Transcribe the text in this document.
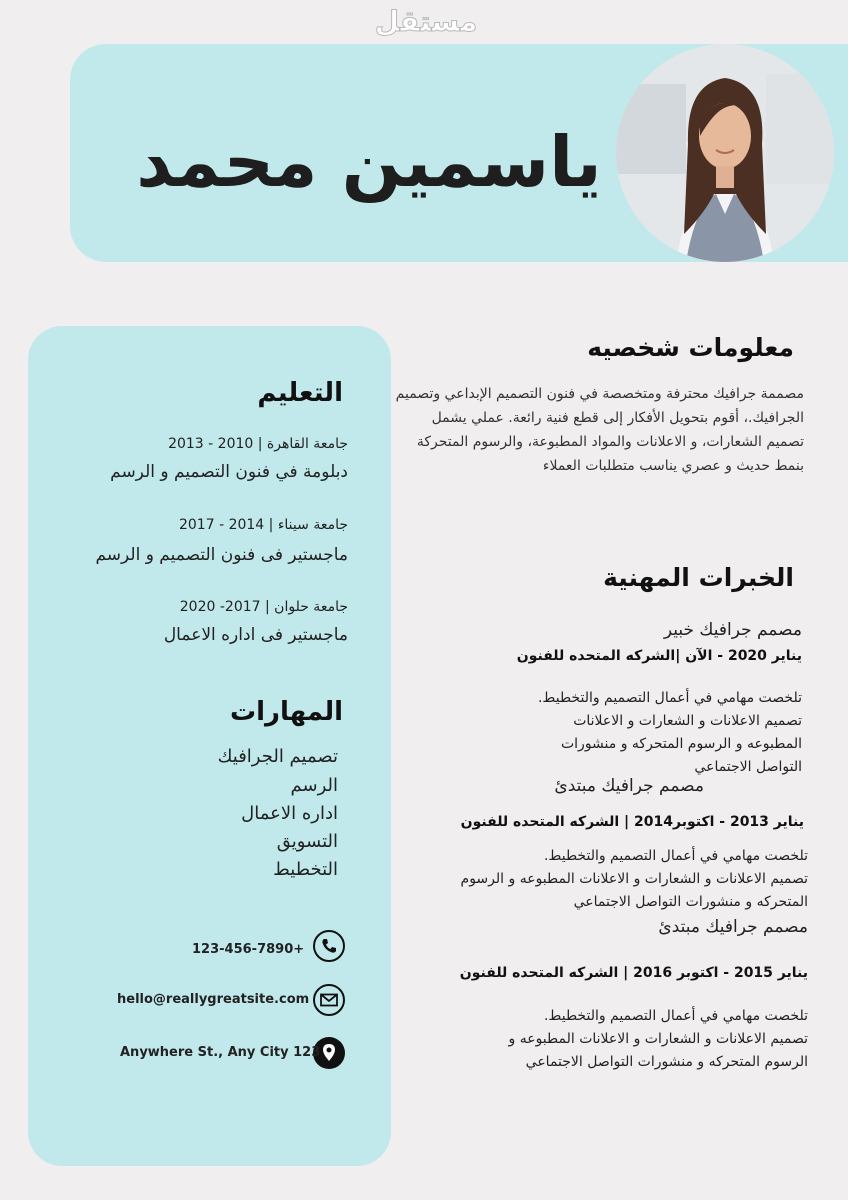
مستقل
ياسمين محمد
التعليم
جامعة القاهرة | 2010 - 2013
دبلومة في فنون التصميم و الرسم
جامعة سيناء | 2014 - 2017
ماجستير فى فنون التصميم و الرسم
جامعة حلوان | 2017- 2020
ماجستير فى اداره الاعمال
المهارات
تصميم الجرافيك
الرسم
اداره الاعمال
التسويق
التخطيط
123-456-7890+
hello@reallygreatsite.com
Anywhere St., Any City 123
معلومات شخصيه
مصممة جرافيك محترفة ومتخصصة في فنون التصميم الإبداعي وتصميم الجرافيك.، أقوم بتحويل الأفكار إلى قطع فنية رائعة. عملي يشمل تصميم الشعارات، و الاعلانات والمواد المطبوعة، والرسوم المتحركة بنمط حديث و عصري يناسب متطلبات العملاء
الخبرات المهنية
مصمم جرافيك خبير
يناير 2020 - الآن |الشركه المتحده للفنون
تلخصت مهامي في أعمال التصميم والتخطيط.
تصميم الاعلانات و الشعارات و الاعلانات
المطبوعه و الرسوم المتحركه و منشورات
التواصل الاجتماعي
مصمم جرافيك مبتدئ
يناير 2013 - اكتوبر2014 | الشركه المتحده للفنون
تلخصت مهامي في أعمال التصميم والتخطيط.
تصميم الاعلانات و الشعارات و الاعلانات المطبوعه و الرسوم
المتحركه و منشورات التواصل الاجتماعي
مصمم جرافيك مبتدئ
يناير 2015 - اكتوبر 2016 | الشركه المتحده للفنون
تلخصت مهامي في أعمال التصميم والتخطيط.
تصميم الاعلانات و الشعارات و الاعلانات المطبوعه و
الرسوم المتحركه و منشورات التواصل الاجتماعي
